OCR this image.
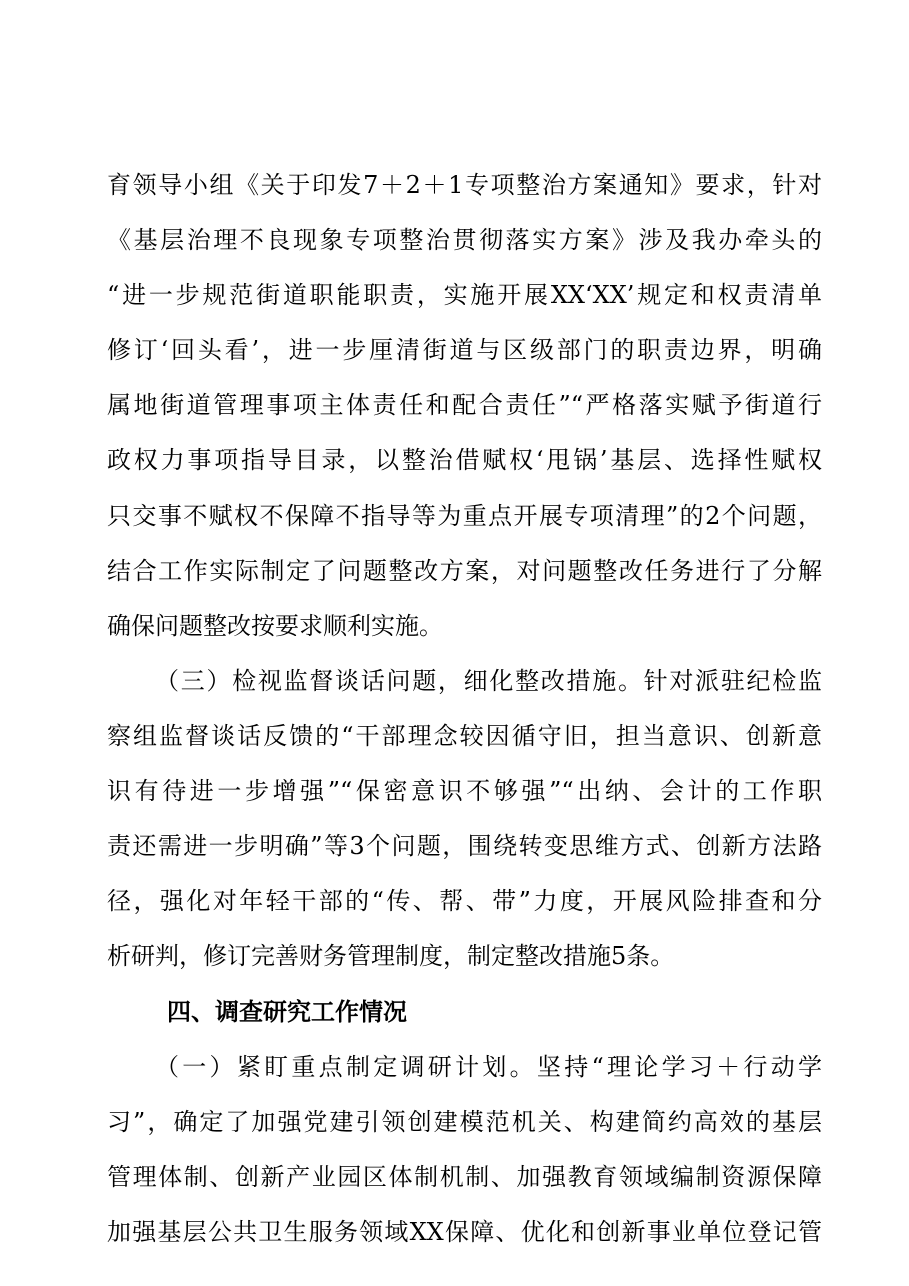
育领导小组《关于印发7＋2＋1专项整治方案通知》要求，针对
《基层治理不良现象专项整治贯彻落实方案》涉及我办牵头的
“进一步规范街道职能职责，实施开展XX‘XX’规定和权责清单
修订‘回头看’，进一步厘清街道与区级部门的职责边界，明确
属地街道管理事项主体责任和配合责任”“严格落实赋予街道行
政权力事项指导目录，以整治借赋权‘甩锅’基层、选择性赋权
只交事不赋权不保障不指导等为重点开展专项清理”的2个问题，
结合工作实际制定了问题整改方案，对问题整改任务进行了分解
确保问题整改按要求顺利实施。
（三）检视监督谈话问题，细化整改措施。针对派驻纪检监
察组监督谈话反馈的“干部理念较因循守旧，担当意识、创新意
识有待进一步增强”“保密意识不够强”“出纳、会计的工作职
责还需进一步明确”等3个问题，围绕转变思维方式、创新方法路
径，强化对年轻干部的“传、帮、带”力度，开展风险排查和分
析研判，修订完善财务管理制度，制定整改措施5条。
四、调查研究工作情况
（一）紧盯重点制定调研计划。坚持“理论学习＋行动学
习”，确定了加强党建引领创建模范机关、构建简约高效的基层
管理体制、创新产业园区体制机制、加强教育领域编制资源保障
加强基层公共卫生服务领域XX保障、优化和创新事业单位登记管
